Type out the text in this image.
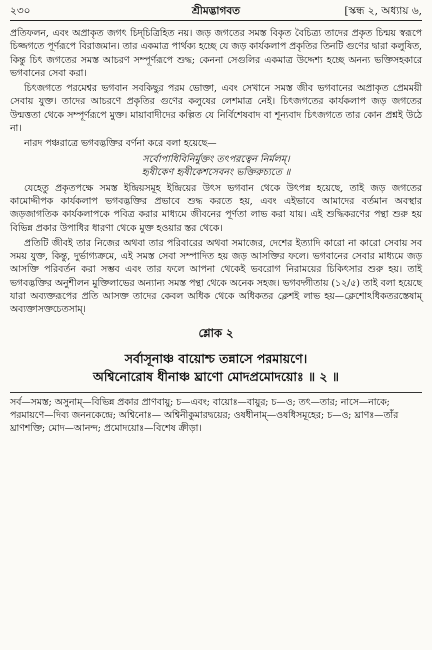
২৩০	শ্রীমদ্ভাগবত	[স্কন্ধ ২, অধ্যায় ৬,

প্রতিফলন, এবং অপ্রাকৃত জগৎ চিদ্‌চিত্রিহিত নয়। জড় জগতের সমস্ত বিকৃত বৈচিত্র্য তাদের প্রকৃত চিন্ময় স্বরূপে চিজ্জগতে পূর্ণরূপে বিরাজমান। তার একমাত্র পার্থক্য হচ্ছে যে জড় কার্যকলাপ প্রকৃতির তিনটি গুণের দ্বারা কলুষিত, কিন্তু চিৎ জগতের সমস্ত আচরণ সম্পূর্ণরূপে শুদ্ধ; কেননা সেগুলির একমাত্র উদ্দেশ্য হচ্ছে অনন্য ভক্তিসহকারে ভগবানের সেবা করা।

চিৎজগতে পরমেশ্বর ভগবান সবকিছুর পরম ভোক্তা, এবং সেখানে সমস্ত জীব ভগবানের অপ্রাকৃত প্রেমময়ী সেবায় যুক্ত। তাদের আচরণে প্রকৃতির গুণের কলুষের লেশমাত্র নেই। চিৎজগতের কার্যকলাপ জড় জগতের উন্মত্ততা থেকে সম্পূর্ণরূপে মুক্ত। মায়াবাদীদের কল্পিত যে নির্বিশেষবাদ বা শূন্যবাদ চিৎজগতে তার কোন প্রশ্নই উঠে না।

নারদ পঞ্চরাত্রে ভগবদ্ভক্তির বর্ণনা করে বলা হয়েছে—

সর্বোপাধিবিনির্মুক্তং তৎপরত্বেন নির্মলম্।
হৃষীকেণ হৃষীকেশসেবনং ভক্তিরুচ্যতে ॥

যেহেতু প্রকৃতপক্ষে সমস্ত ইন্দ্রিয়সমূহ ইন্দ্রিয়ের উৎস ভগবান থেকে উৎপন্ন হয়েছে, তাই জড় জগতের কামোদ্দীপক কার্যকলাপ ভগবদ্ভক্তির প্রভাবে শুদ্ধ করতে হয়, এবং এইভাবে আমাদের বর্তমান অবস্থার জড়জাগতিক কার্যকলাপকে পবিত্র করার মাধ্যমে জীবনের পূর্ণতা লাভ করা যায়। এই শুদ্ধিকরণের পন্থা শুরু হয় বিভিন্ন প্রকার উপাধির ধারণা থেকে মুক্ত হওয়ার স্তর থেকে।

প্রতিটি জীবই তার নিজের অথবা তার পরিবারের অথবা সমাজের, দেশের ইত্যাদি কারো না কারো সেবায় সব সময় যুক্ত, কিন্তু, দুর্ভাগ্যক্রমে, এই সমস্ত সেবা সম্পাদিত হয় জড় আসক্তির ফলে। ভগবানের সেবার মাধ্যমে জড় আসক্তি পরিবর্তন করা সম্ভব এবং তার ফলে আপনা থেকেই ভবরোগ নিরাময়ের চিকিৎসার শুরু হয়। তাই ভগবদ্ভক্তির অনুশীলন মুক্তিলাভের অন্যান্য সমস্ত পন্থা থেকে অনেক সহজ। ভগবদ্গীতায় (১২/৫) তাই বলা হয়েছে যারা অব্যক্তরূপের প্রতি আসক্ত তাদের কেবল অধিক থেকে অধিকতর ক্লেশই লাভ হয়—ক্লেশোঽধিকতরস্তেষাম্ অব্যক্তাসক্তচেতসাম্।

শ্লোক ২
সর্বাসূনাঞ্চ বায়োশ্চ তন্নাসে পরমায়ণে।
অশ্বিনোরোষ ধীনাঞ্চ ঘ্রাণো মোদপ্রমোদয়োঃ ॥ ২ ॥
সর্ব—সমস্ত; অসুনাম্—বিভিন্ন প্রকার প্রাণবায়ু; চ—এবং; বায়োঃ—বায়ুর; চ—ও; তৎ—তার; নাসে—নাকে; পরমায়ণে—দিব্য জননকেন্দ্রে; অশ্বিনোঃ— অশ্বিনীকুমারদ্বয়ের; ওষধীনাম্—ওষধিসমূহের; চ—ও; ঘ্রাণঃ—তাঁর ঘ্রাণশক্তি; মোদ—আনন্দ; প্রমোদয়োঃ—বিশেষ ক্রীড়া।
